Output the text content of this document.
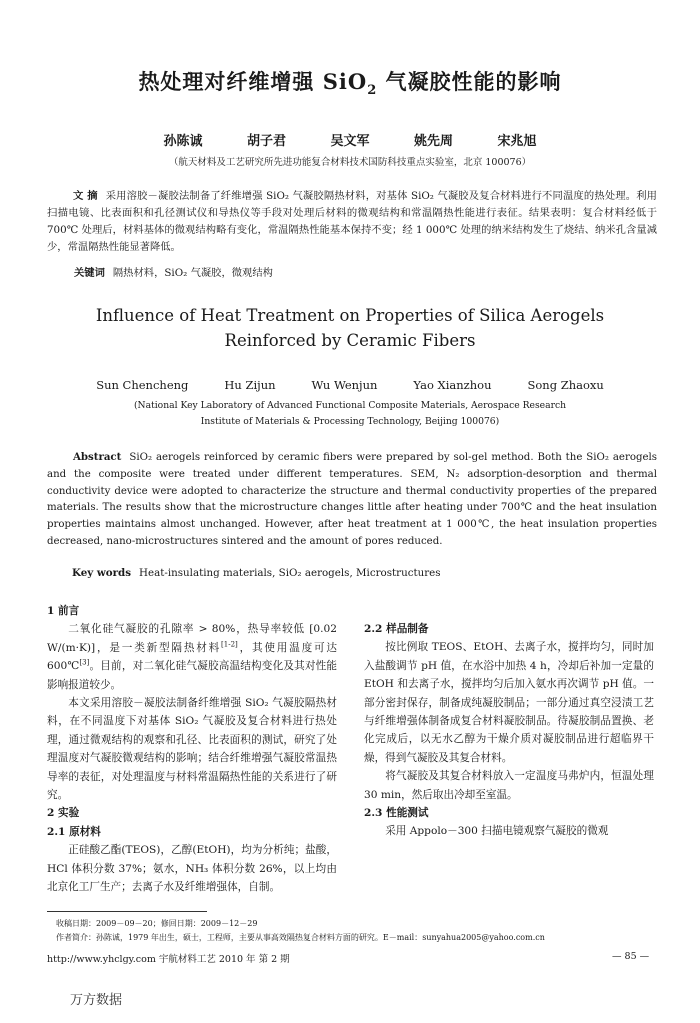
热处理对纤维增强 SiO$_2$ 气凝胶性能的影响
孙陈诚 胡子君 吴文军 姚先周 宋兆旭
（航天材料及工艺研究所先进功能复合材料技术国防科技重点实验室，北京 100076）
文 摘 采用溶胶－凝胶法制备了纤维增强 SiO₂ 气凝胶隔热材料，对基体 SiO₂ 气凝胶及复合材料进行不同温度的热处理。利用扫描电镜、比表面积和孔径测试仪和导热仪等手段对处理后材料的微观结构和常温隔热性能进行表征。结果表明：复合材料经低于 700℃ 处理后，材料基体的微观结构略有变化，常温隔热性能基本保持不变；经 1 000℃ 处理的纳米结构发生了烧结、纳米孔含量减少，常温隔热性能显著降低。
关键词 隔热材料，SiO₂ 气凝胶，微观结构
Influence of Heat Treatment on Properties of Silica Aerogels
Reinforced by Ceramic Fibers
Sun Chencheng	Hu Zijun	Wu Wenjun	Yao Xianzhou	Song Zhaoxu
(National Key Laboratory of Advanced Functional Composite Materials, Aerospace Research
Institute of Materials & Processing Technology, Beijing 100076)
Abstract SiO₂ aerogels reinforced by ceramic fibers were prepared by sol-gel method. Both the SiO₂ aerogels and the composite were treated under different temperatures. SEM, N₂ adsorption-desorption and thermal conductivity device were adopted to characterize the structure and thermal conductivity properties of the prepared materials. The results show that the microstructure changes little after heating under 700℃ and the heat insulation properties maintains almost unchanged. However, after heat treatment at 1 000℃, the heat insulation properties decreased, nano-microstructures sintered and the amount of pores reduced.
Key words Heat-insulating materials, SiO₂ aerogels, Microstructures
1 前言
二氧化硅气凝胶的孔隙率 > 80%，热导率较低 [0.02 W/(m·K)]，是一类新型隔热材料[1-2]，其使用温度可达 600℃[3]。目前，对二氧化硅气凝胶高温结构变化及其对性能影响报道较少。
本文采用溶胶－凝胶法制备纤维增强 SiO₂ 气凝胶隔热材料，在不同温度下对基体 SiO₂ 气凝胶及复合材料进行热处理，通过微观结构的观察和孔径、比表面积的测试，研究了处理温度对气凝胶微观结构的影响；结合纤维增强气凝胶常温热导率的表征，对处理温度与材料常温隔热性能的关系进行了研究。
2 实验
2.1 原材料
正硅酸乙酯(TEOS)，乙醇(EtOH)，均为分析纯；盐酸，HCl 体积分数 37%；氨水，NH₃ 体积分数 26%，以上均由北京化工厂生产；去离子水及纤维增强体，自制。
2.2 样品制备
按比例取 TEOS、EtOH、去离子水，搅拌均匀，同时加入盐酸调节 pH 值，在水浴中加热 4 h，冷却后补加一定量的 EtOH 和去离子水，搅拌均匀后加入氨水再次调节 pH 值。一部分密封保存，制备成纯凝胶制品；一部分通过真空浸渍工艺与纤维增强体制备成复合材料凝胶制品。待凝胶制品置换、老化完成后，以无水乙醇为干燥介质对凝胶制品进行超临界干燥，得到气凝胶及其复合材料。
将气凝胶及其复合材料放入一定温度马弗炉内，恒温处理 30 min，然后取出冷却至室温。
2.3 性能测试
采用 Appolo－300 扫描电镜观察气凝胶的微观
收稿日期：2009－09－20；修回日期：2009－12－29
作者简介：孙陈诚，1979 年出生，硕士，工程师，主要从事高效隔热复合材料方面的研究。E－mail：sunyahua2005@yahoo.com.cn
http://www.yhclgy.com 宇航材料工艺 2010 年 第 2 期	— 85 —
万方数据
